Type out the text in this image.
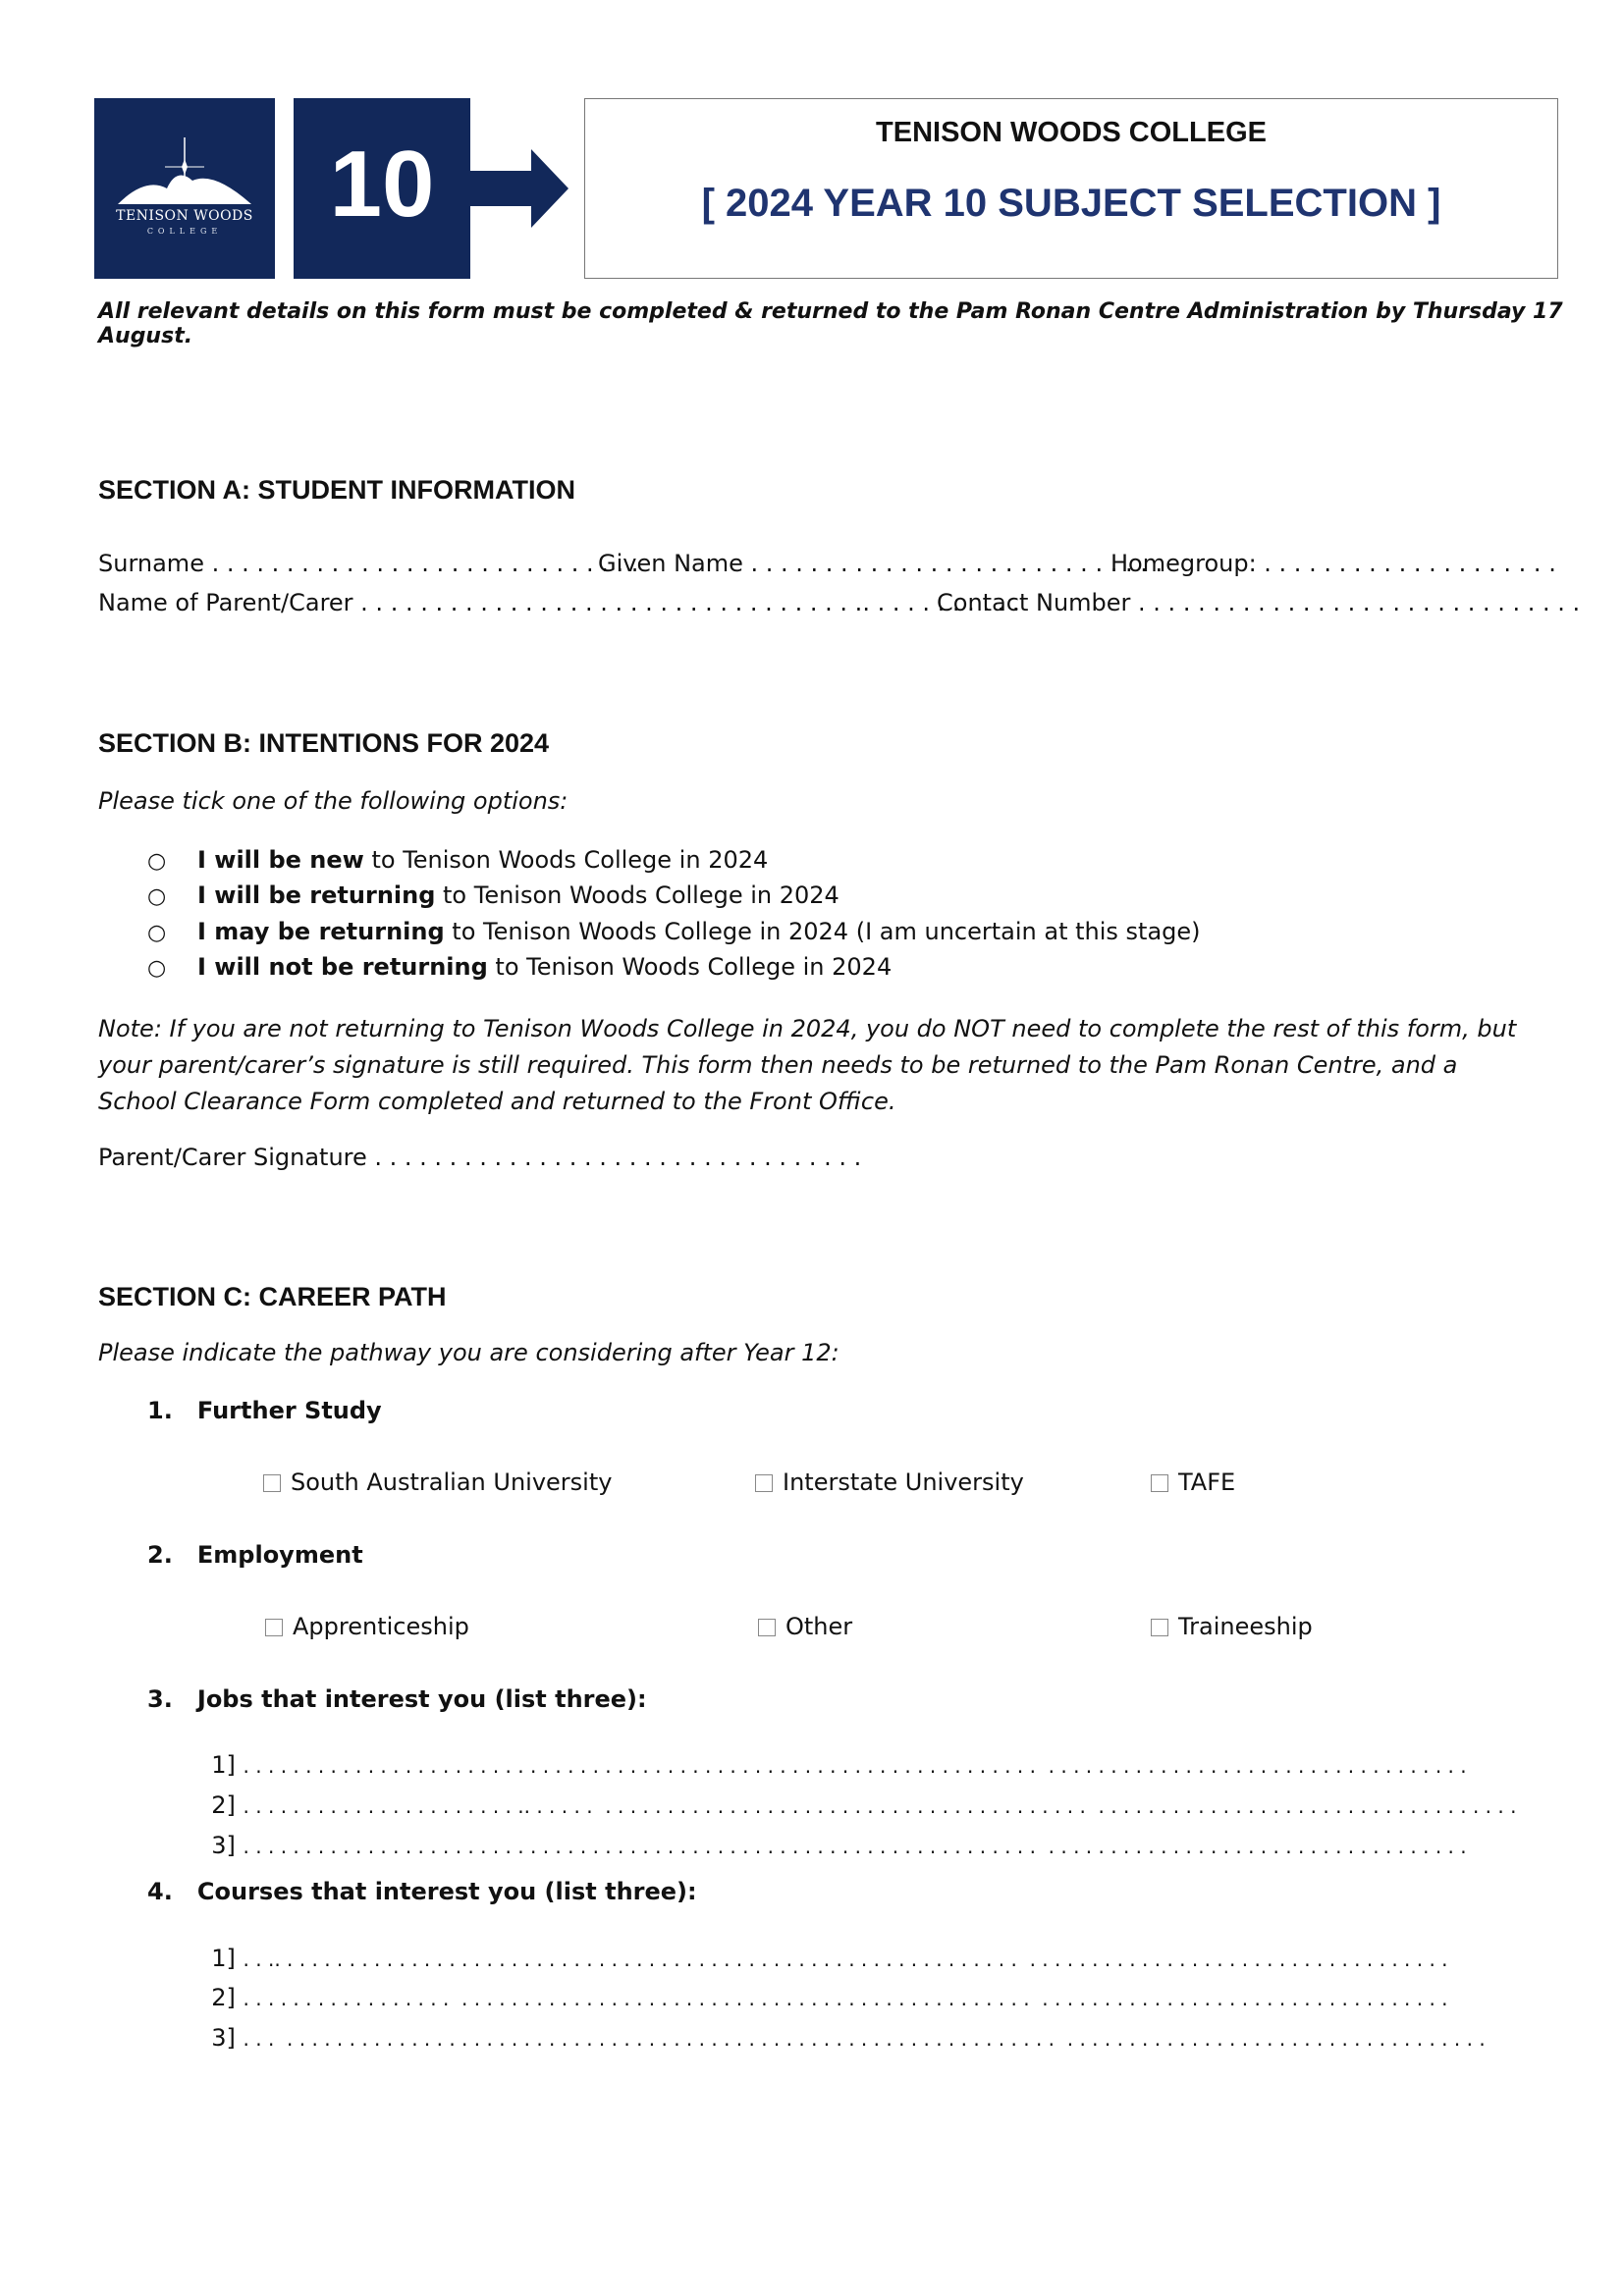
TENISON WOODS
COLLEGE	10	TENISON WOODS COLLEGE
[ 2024 YEAR 10 SUBJECT SELECTION ]
All relevant details on this form must be completed & returned to the Pam Ronan Centre Administration by Thursday 17 August.
SECTION A: STUDENT INFORMATION
Surname . . . . . . . . . . . . . . . . . . . . . . . . . . . . .
Given Name . . . . . . . . . . . . . . . . . . . . . . . . . . . .
Homegroup: . . . . . . . . . . . . . . . . . . . .
Name of Parent/Carer . . . . . . . . . . . . . . . . . . . . . . . . . . . . . . . . . .. . . . . . . . . . .
Contact Number . . . . . . . . . . . . . . . . . . . . . . . . . . . . . .
SECTION B: INTENTIONS FOR 2024
Please tick one of the following options:
○ I will be new to Tenison Woods College in 2024
○ I will be returning to Tenison Woods College in 2024
○ I may be returning to Tenison Woods College in 2024 (I am uncertain at this stage)
○ I will not be returning to Tenison Woods College in 2024
Note: If you are not returning to Tenison Woods College in 2024, you do NOT need to complete the rest of this form, but your parent/carer’s signature is still required. This form then needs to be returned to the Pam Ronan Centre, and a School Clearance Form completed and returned to the Front Office.
Parent/Carer Signature . . . . . . . . . . . . . . . . . . . . . . . . . . . . . . . . .
SECTION C: CAREER PATH
Please indicate the pathway you are considering after Year 12:
1.   Further Study
South Australian University	Interstate University	TAFE
2.   Employment
Apprenticeship	Other	Traineeship
3.   Jobs that interest you (list three):

1] . . . . . . . . . . . . . . . . . . . . . . . . . . . . . . . . . . . . . . . . . . . . . . . . . . . . . . . . . . . . . . . .  . . . . . . . . . . . . . . . . . . . . . . . . . . . . . . . . . .

2] . . . . . . . . . . . . . . . . . . . . . . .. . . . . .  . . . . . . . . . . . . . . . . . . . . . . . . . . . . . . . . . . . . . . .  . . . . . . . . . . . . . . . . . . . . . . . . . . . . . . . . . .

3] . . . . . . . . . . . . . . . . . . . . . . . . . . . . . . . . . . . . . . . . . . . . . . . . . . . . . . . . . . . . . . . .  . . . . . . . . . . . . . . . . . . . . . . . . . . . . . . . . . .

4.   Courses that interest you (list three):

1] . . .. . . . . . . . . . . . . . . . . . . . . . . . . . . . . . . . . . . . . . . . . . . . . . . . . . . . . . . . . . . .  . . . . . . . . . . . . . . . . . . . . . . . . . . . . . . . . . .

2] . . . . . . . . . . . . . . . . .  . . . . . . . . . . . . . . . . . . . . . . . . . . . . . . . . . . . . . . . . . . . . . .  . . . . . . . . . . . . . . . . . . . . . . . . . . . . . . . . .

3] . . .  . . . . . . . . . . . . . . . . . . . . . . . . . . . . . . . . . . . . . . . . . . . . . . . . . . . . . . . . . . . . . .  . . . . . . . . . . . . . . . . . . . . . . . . . . . . . . . . . .
